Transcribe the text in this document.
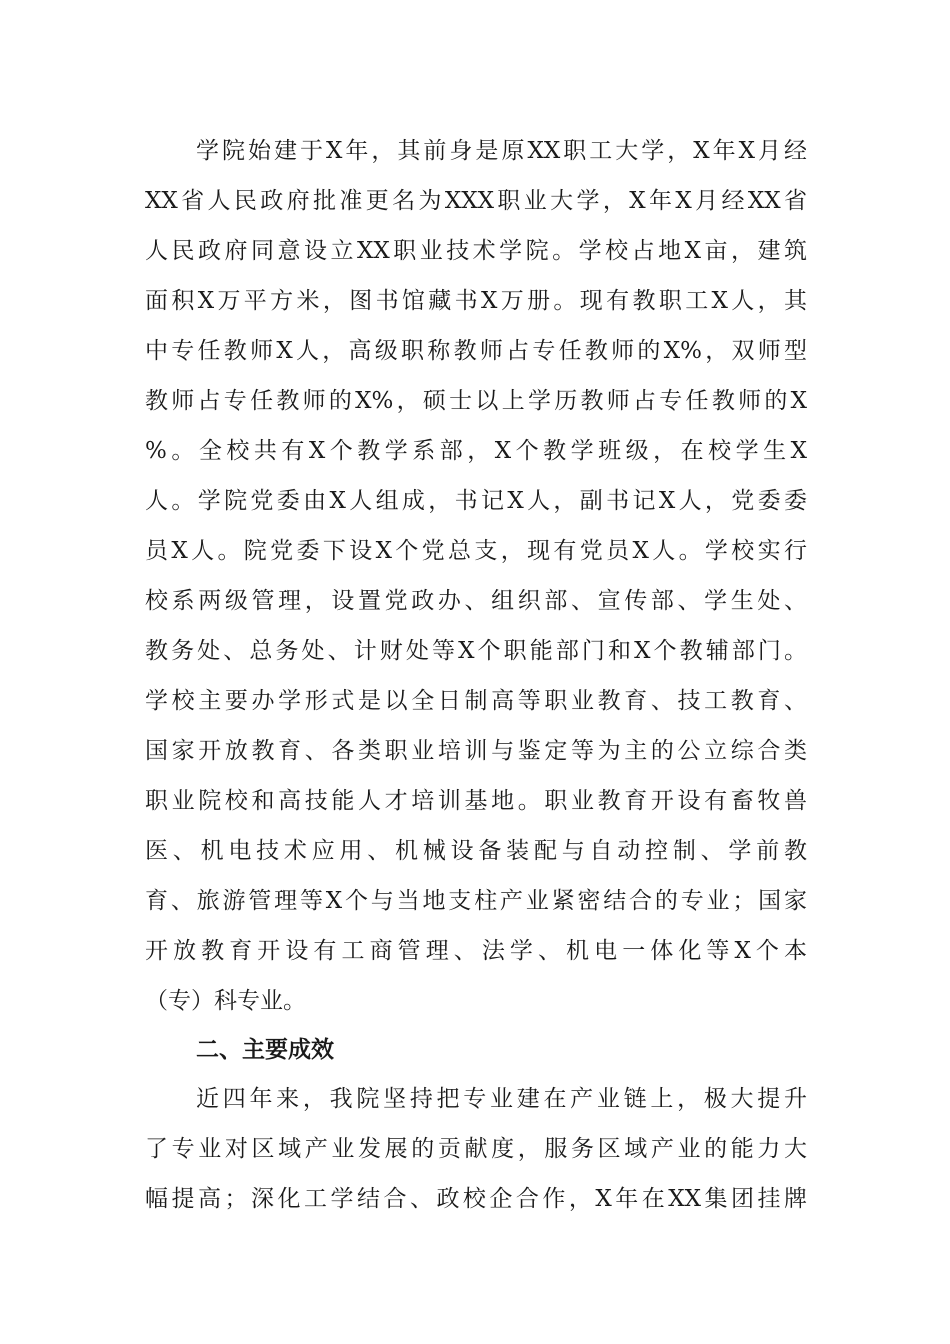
学院始建于X年，其前身是原XX职工大学，X年X月经
XX省人民政府批准更名为XXX职业大学，X年X月经XX省
人民政府同意设立XX职业技术学院。学校占地X亩，建筑
面积X万平方米，图书馆藏书X万册。现有教职工X人，其
中专任教师X人，高级职称教师占专任教师的X%，双师型
教师占专任教师的X%，硕士以上学历教师占专任教师的X
%。全校共有X个教学系部，X个教学班级，在校学生X
人。学院党委由X人组成，书记X人，副书记X人，党委委
员X人。院党委下设X个党总支，现有党员X人。学校实行
校系两级管理，设置党政办、组织部、宣传部、学生处、
教务处、总务处、计财处等X个职能部门和X个教辅部门。
学校主要办学形式是以全日制高等职业教育、技工教育、
国家开放教育、各类职业培训与鉴定等为主的公立综合类
职业院校和高技能人才培训基地。职业教育开设有畜牧兽
医、机电技术应用、机械设备装配与自动控制、学前教
育、旅游管理等X个与当地支柱产业紧密结合的专业；国家
开放教育开设有工商管理、法学、机电一体化等X个本
（专）科专业。
二、主要成效
近四年来，我院坚持把专业建在产业链上，极大提升
了专业对区域产业发展的贡献度，服务区域产业的能力大
幅提高；深化工学结合、政校企合作，X年在XX集团挂牌
